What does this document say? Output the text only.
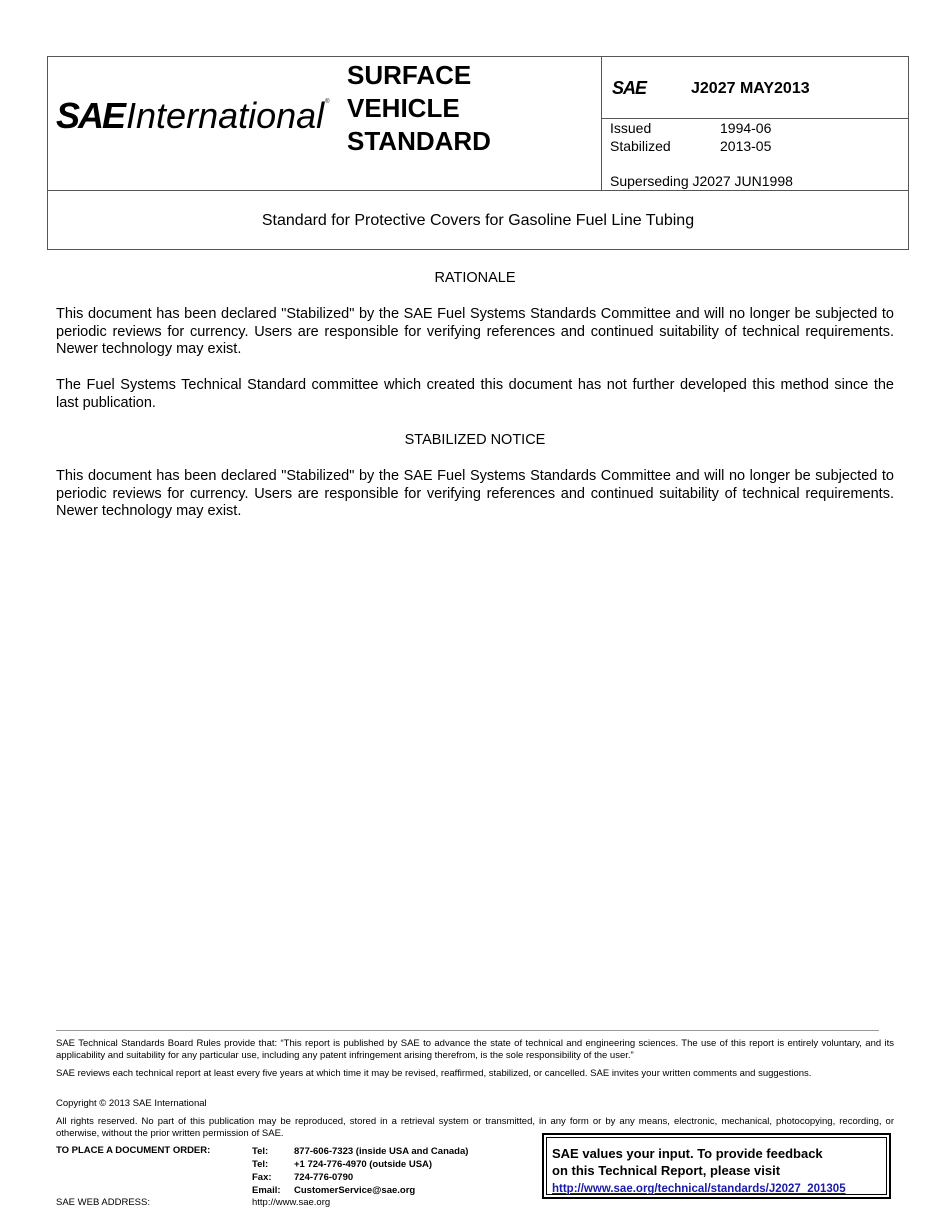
SAE International ®
SURFACE
VEHICLE
STANDARD
SAE	J2027 MAY2013
Issued	1994-06
Stabilized	2013-05
Superseding J2027 JUN1998
Standard for Protective Covers for Gasoline Fuel Line Tubing
RATIONALE

This document has been declared "Stabilized" by the SAE Fuel Systems Standards Committee and will no longer be subjected to periodic reviews for currency. Users are responsible for verifying references and continued suitability of technical requirements. Newer technology may exist.

The Fuel Systems Technical Standard committee which created this document has not further developed this method since the last publication.

STABILIZED NOTICE

This document has been declared "Stabilized" by the SAE Fuel Systems Standards Committee and will no longer be subjected to periodic reviews for currency. Users are responsible for verifying references and continued suitability of technical requirements. Newer technology may exist.

SAE Technical Standards Board Rules provide that: “This report is published by SAE to advance the state of technical and engineering sciences. The use of this report is entirely voluntary, and its applicability and suitability for any particular use, including any patent infringement arising therefrom, is the sole responsibility of the user.”

SAE reviews each technical report at least every five years at which time it may be revised, reaffirmed, stabilized, or cancelled. SAE invites your written comments and suggestions.

Copyright © 2013 SAE International

All rights reserved. No part of this publication may be reproduced, stored in a retrieval system or transmitted, in any form or by any means, electronic, mechanical, photocopying, recording, or otherwise, without the prior written permission of SAE.

TO PLACE A DOCUMENT ORDER:	Tel:	877-606-7323 (inside USA and Canada)
Tel:	+1 724-776-4970 (outside USA)
Fax:	724-776-0790
Email:	CustomerService@sae.org
SAE WEB ADDRESS:	http://www.sae.org
SAE values your input. To provide feedback
on this Technical Report, please visit
http://www.sae.org/technical/standards/J2027_201305
